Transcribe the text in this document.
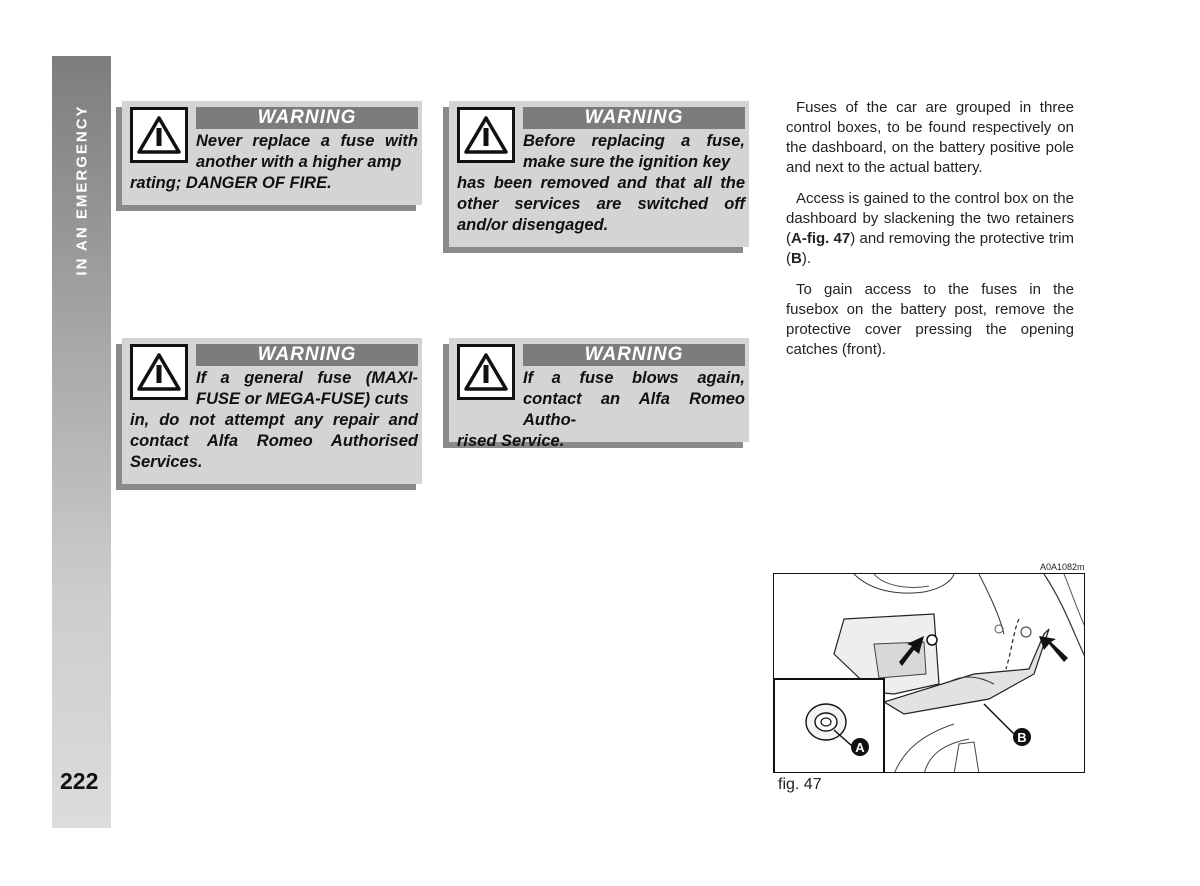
IN AN EMERGENCY
222
WARNING
Never replace a fuse with another with a higher amp
rating; DANGER OF FIRE.
WARNING
Before replacing a fuse, make sure the ignition key
has been removed and that all the other services are switched off and/or disengaged.
WARNING
If a general fuse (MAXI-FUSE or MEGA-FUSE) cuts
in, do not attempt any repair and contact Alfa Romeo Authorised Services.
WARNING
If a fuse blows again, contact an Alfa Romeo Autho-
rised Service.

Fuses of the car are grouped in three control boxes, to be found respectively on the dashboard, on the battery positive pole and next to the actual battery.

Access is gained to the control box on the dashboard by slackening the two retainers (A-fig. 47) and removing the protective trim (B).

To gain access to the fuses in the fusebox on the battery post, remove the protective cover pressing the opening catches (front).

A0A1082m
B
A
fig. 47
